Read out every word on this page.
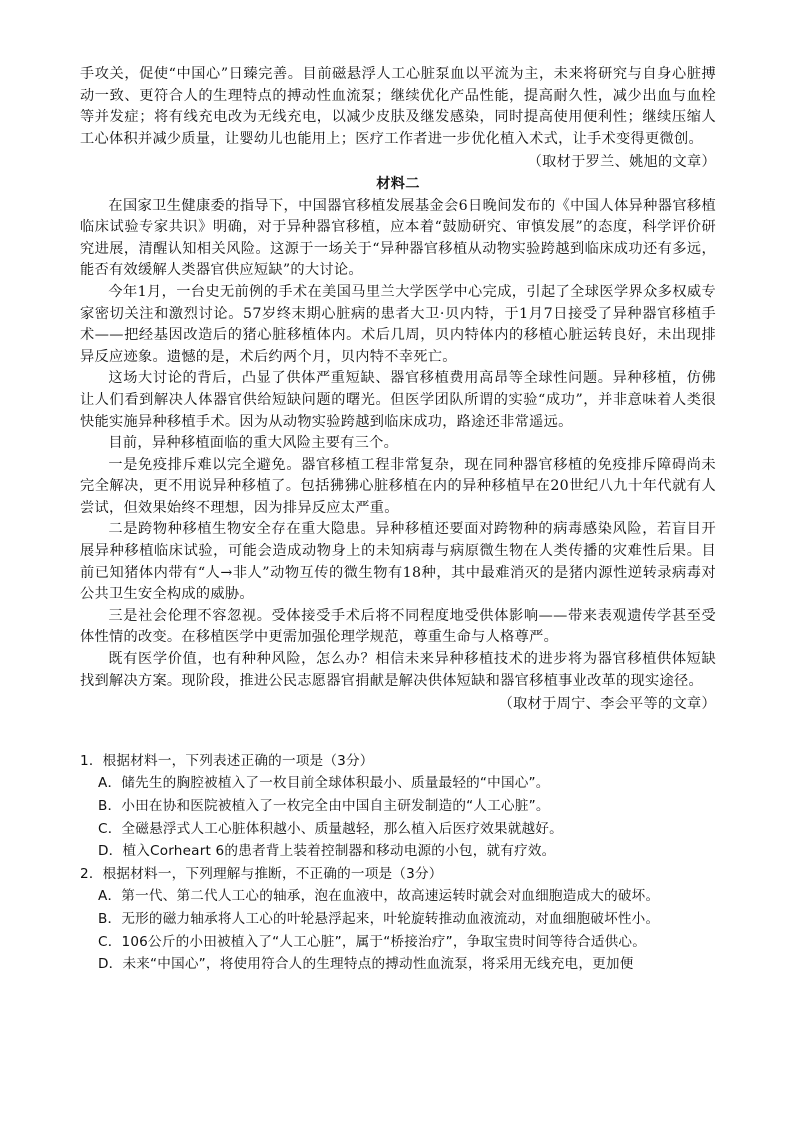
手攻关，促使“中国心”日臻完善。目前磁悬浮人工心脏泵血以平流为主，未来将研究与自身心脏搏动一致、更符合人的生理特点的搏动性血流泵；继续优化产品性能，提高耐久性，减少出血与血栓等并发症；将有线充电改为无线充电，以减少皮肤及继发感染，同时提高使用便利性；继续压缩人工心体积并减少质量，让婴幼儿也能用上；医疗工作者进一步优化植入术式，让手术变得更微创。

（取材于罗兰、姚旭的文章）

材料二

在国家卫生健康委的指导下，中国器官移植发展基金会6日晚间发布的《中国人体异种器官移植临床试验专家共识》明确，对于异种器官移植，应本着“鼓励研究、审慎发展”的态度，科学评价研究进展，清醒认知相关风险。这源于一场关于“异种器官移植从动物实验跨越到临床成功还有多远，能否有效缓解人类器官供应短缺”的大讨论。

今年1月，一台史无前例的手术在美国马里兰大学医学中心完成，引起了全球医学界众多权威专家密切关注和激烈讨论。57岁终末期心脏病的患者大卫·贝内特，于1月7日接受了异种器官移植手术——把经基因改造后的猪心脏移植体内。术后几周，贝内特体内的移植心脏运转良好，未出现排异反应迹象。遗憾的是，术后约两个月，贝内特不幸死亡。

这场大讨论的背后，凸显了供体严重短缺、器官移植费用高昂等全球性问题。异种移植，仿佛让人们看到解决人体器官供给短缺问题的曙光。但医学团队所谓的实验“成功”，并非意味着人类很快能实施异种移植手术。因为从动物实验跨越到临床成功，路途还非常遥远。

目前，异种移植面临的重大风险主要有三个。

一是免疫排斥难以完全避免。器官移植工程非常复杂，现在同种器官移植的免疫排斥障碍尚未完全解决，更不用说异种移植了。包括狒狒心脏移植在内的异种移植早在20世纪八九十年代就有人尝试，但效果始终不理想，因为排异反应太严重。

二是跨物种移植生物安全存在重大隐患。异种移植还要面对跨物种的病毒感染风险，若盲目开展异种移植临床试验，可能会造成动物身上的未知病毒与病原微生物在人类传播的灾难性后果。目前已知猪体内带有“人→非人”动物互传的微生物有18种，其中最难消灭的是猪内源性逆转录病毒对公共卫生安全构成的威胁。

三是社会伦理不容忽视。受体接受手术后将不同程度地受供体影响——带来表观遗传学甚至受体性情的改变。在移植医学中更需加强伦理学规范，尊重生命与人格尊严。

既有医学价值，也有种种风险，怎么办？相信未来异种移植技术的进步将为器官移植供体短缺找到解决方案。现阶段，推进公民志愿器官捐献是解决供体短缺和器官移植事业改革的现实途径。

（取材于周宁、李会平等的文章）

1．根据材料一，下列表述正确的一项是（3分）

A．储先生的胸腔被植入了一枚目前全球体积最小、质量最轻的“中国心”。

B．小田在协和医院被植入了一枚完全由中国自主研发制造的“人工心脏”。

C．全磁悬浮式人工心脏体积越小、质量越轻，那么植入后医疗效果就越好。

D．植入Corheart 6的患者背上装着控制器和移动电源的小包，就有疗效。

2．根据材料一，下列理解与推断，不正确的一项是（3分）

A．第一代、第二代人工心的轴承，泡在血液中，故高速运转时就会对血细胞造成大的破坏。

B．无形的磁力轴承将人工心的叶轮悬浮起来，叶轮旋转推动血液流动，对血细胞破坏性小。

C．106公斤的小田被植入了“人工心脏”，属于“桥接治疗”，争取宝贵时间等待合适供心。

D．未来“中国心”，将使用符合人的生理特点的搏动性血流泵，将采用无线充电，更加便
